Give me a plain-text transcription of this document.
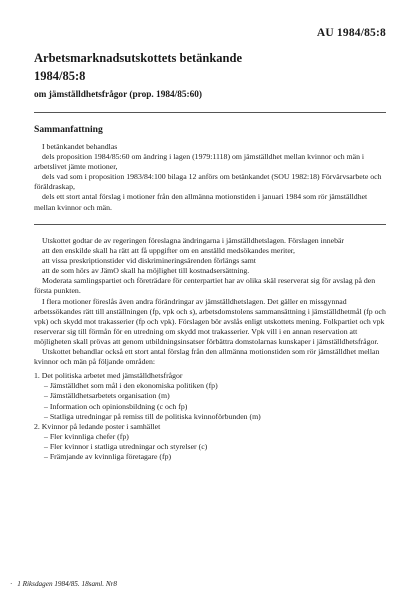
AU 1984/85:8
Arbetsmarknadsutskottets betänkande
1984/85:8
om jämställdhetsfrågor (prop. 1984/85:60)
Sammanfattning

I betänkandet behandlas

dels proposition 1984/85:60 om ändring i lagen (1979:1118) om jämställdhet mellan kvinnor och män i arbetslivet jämte motioner,

dels vad som i proposition 1983/84:100 bilaga 12 anförs om betänkandet (SOU 1982:18) Förvärvsarbete och föräldraskap,

dels ett stort antal förslag i motioner från den allmänna motionstiden i januari 1984 som rör jämställdhet mellan kvinnor och män.

Utskottet godtar de av regeringen föreslagna ändringarna i jämställdhetslagen. Förslagen innebär

att den enskilde skall ha rätt att få uppgifter om en anställd medsökandes meriter,

att vissa preskriptionstider vid diskrimineringsärenden förlängs samt

att de som hörs av JämO skall ha möjlighet till kostnadsersättning.

Moderata samlingspartiet och företrädare för centerpartiet har av olika skäl reserverat sig för avslag på den första punkten.

I flera motioner föreslås även andra förändringar av jämställdhetslagen. Det gäller en missgynnad arbetssökandes rätt till anställningen (fp, vpk och s), arbetsdomstolens sammansättning i jämställdhetmål (fp och vpk) och skydd mot trakasserier (fp och vpk). Förslagen bör avslås enligt utskottets mening. Folkpartiet och vpk reserverar sig till förmån för en utredning om skydd mot trakasserier. Vpk vill i en annan reservation att möjligheten skall prövas att genom utbildningsinsatser förbättra domstolarnas kunskaper i jämställdhetsfrågor.

Utskottet behandlar också ett stort antal förslag från den allmänna motionstiden som rör jämställdhet mellan kvinnor och män på följande områden:

1. Det politiska arbetet med jämställdhetsfrågor
– Jämställdhet som mål i den ekonomiska politiken (fp)
– Jämställdhetsarbetets organisation (m)
– Information och opinionsbildning (c och fp)
– Statliga utredningar på remiss till de politiska kvinnoförbunden (m)
2. Kvinnor på ledande poster i samhället
– Fler kvinnliga chefer (fp)
– Fler kvinnor i statliga utredningar och styrelser (c)
– Främjande av kvinnliga företagare (fp)
· 1 Riksdagen 1984/85. 18saml. Nr8
